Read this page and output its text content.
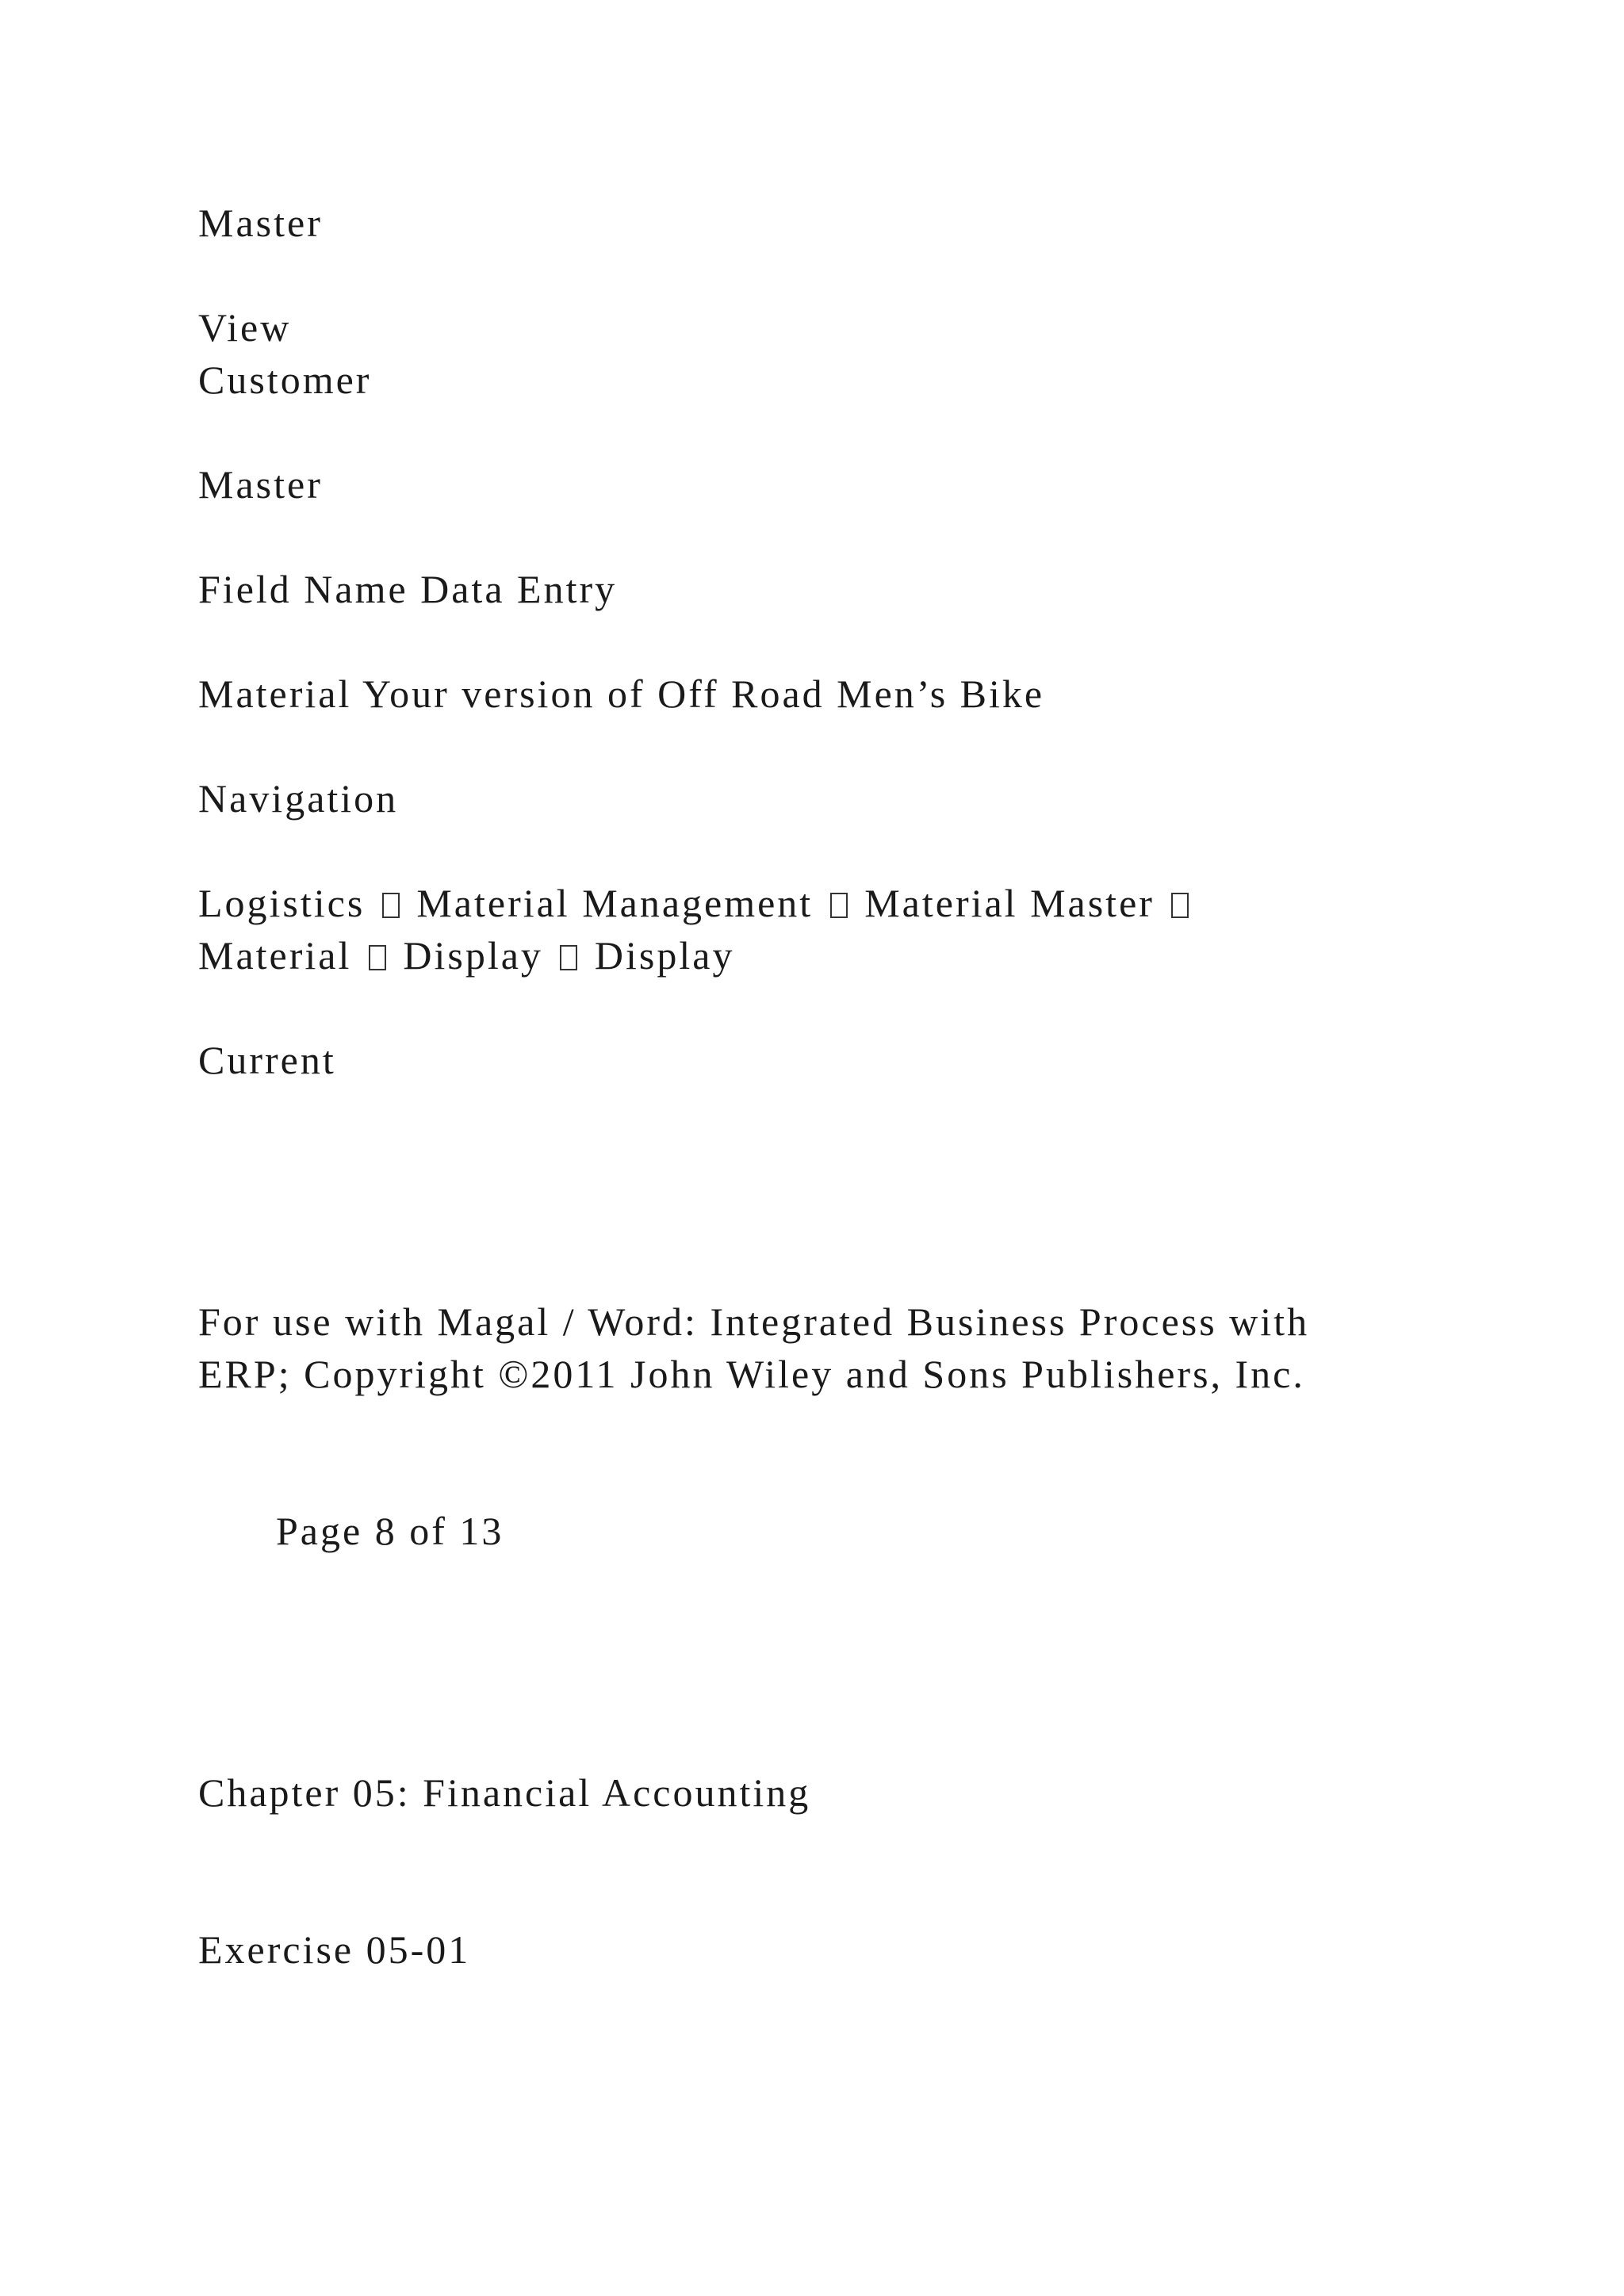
Master

View

Customer

Master

Field Name Data Entry

Material Your version of Off Road Men’s Bike

Navigation

Logistics  Material Management  Material Master

Material  Display  Display

Current

For use with Magal / Word: Integrated Business Process with

ERP; Copyright ©2011 John Wiley and Sons Publishers, Inc.

Page 8 of 13

Chapter 05: Financial Accounting

Exercise 05-01
